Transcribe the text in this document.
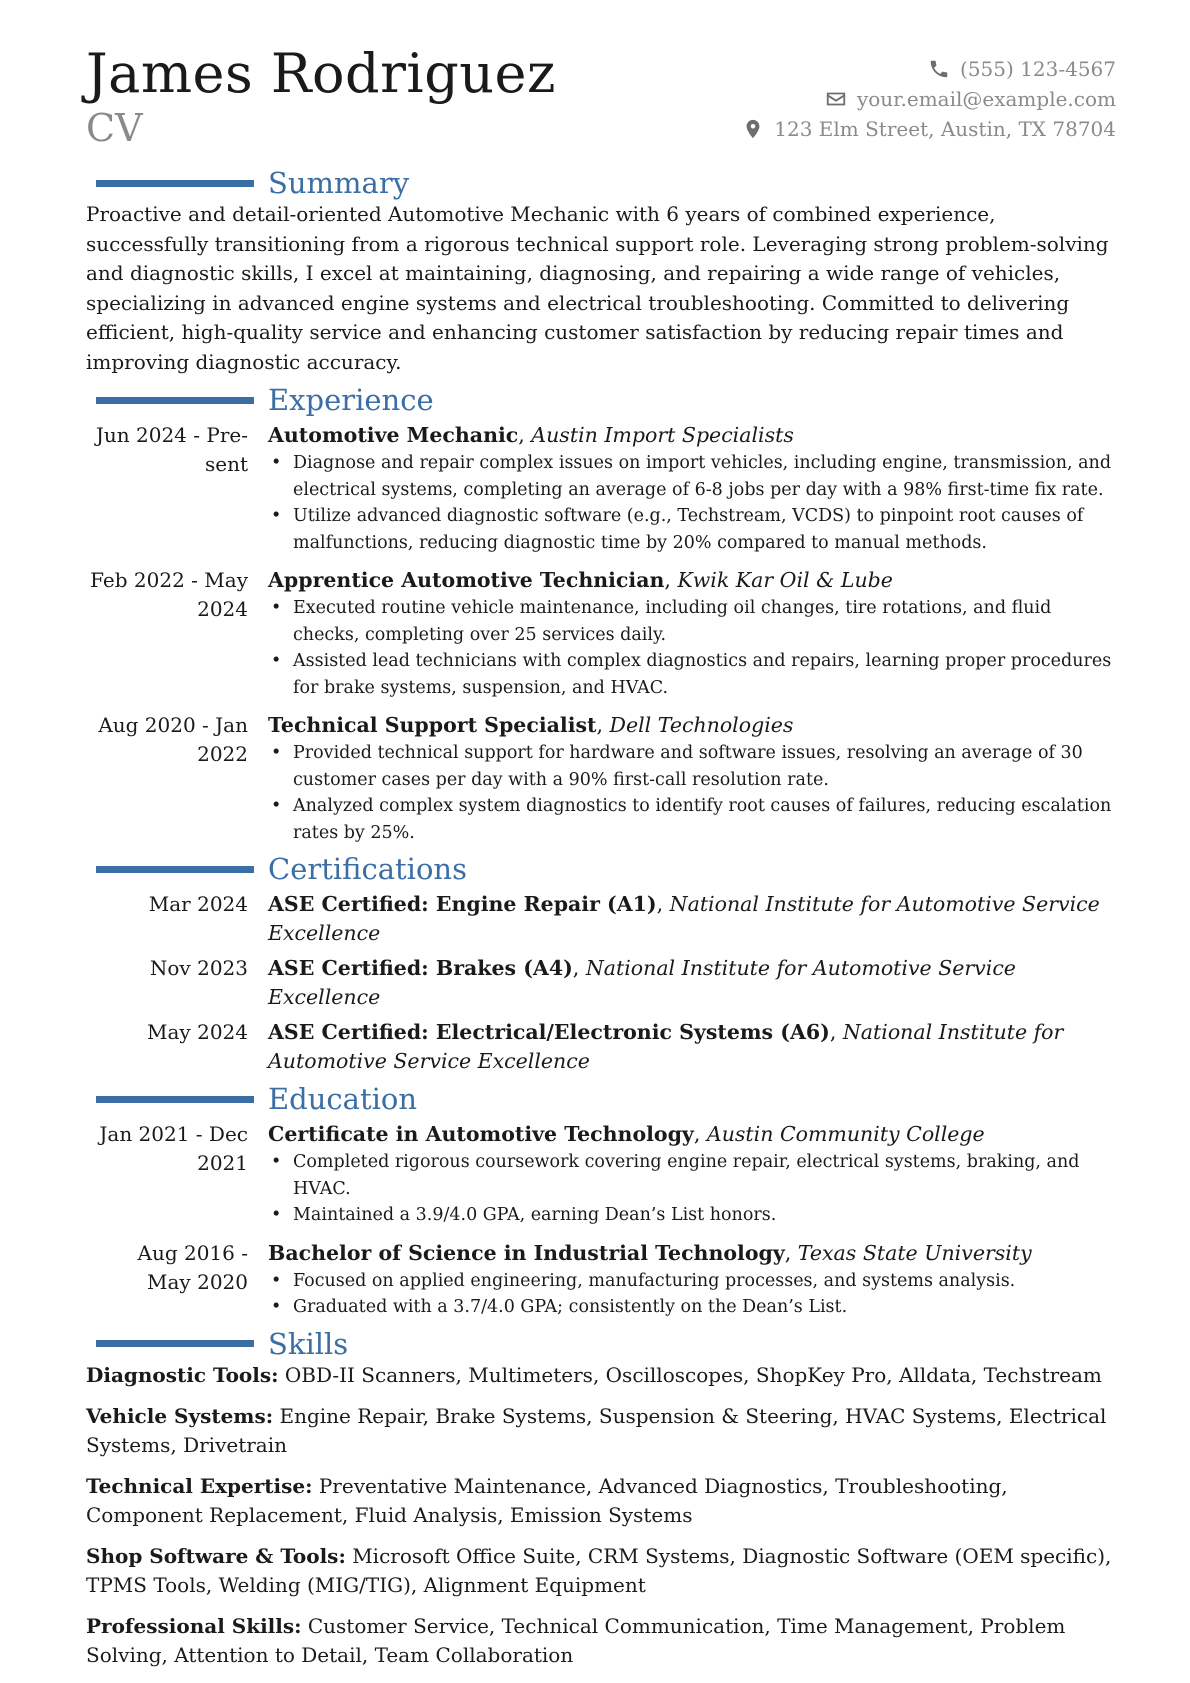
James Rodriguez

CV

(555) 123-4567
your.email@example.com
123 Elm Street, Austin, TX 78704
Summary

Proactive and detail-oriented Automotive Mechanic with 6 years of combined experience, successfully transitioning from a rigorous technical support role. Leveraging strong problem-solving and diagnostic skills, I excel at maintaining, diagnosing, and repairing a wide range of vehicles, specializing in advanced engine systems and electrical troubleshooting. Committed to delivering efficient, high-quality service and enhancing customer satisfaction by reducing repair times and improving diagnostic accuracy.

Experience
Jun 2024 - Pre-
sent
Automotive Mechanic, Austin Import Specialists
• Diagnose and repair complex issues on import vehicles, including engine, transmission, and electrical systems, completing an average of 6-8 jobs per day with a 98% first-time fix rate.
• Utilize advanced diagnostic software (e.g., Techstream, VCDS) to pinpoint root causes of malfunctions, reducing diagnostic time by 20% compared to manual methods.
Feb 2022 - May
2024
Apprentice Automotive Technician, Kwik Kar Oil & Lube
• Executed routine vehicle maintenance, including oil changes, tire rotations, and fluid checks, completing over 25 services daily.
• Assisted lead technicians with complex diagnostics and repairs, learning proper procedures for brake systems, suspension, and HVAC.
Aug 2020 - Jan
2022
Technical Support Specialist, Dell Technologies
• Provided technical support for hardware and software issues, resolving an average of 30 customer cases per day with a 90% first-call resolution rate.
• Analyzed complex system diagnostics to identify root causes of failures, reducing escalation rates by 25%.
Certifications
Mar 2024 ASE Certified: Engine Repair (A1), National Institute for Automotive Service Excellence
Nov 2023 ASE Certified: Brakes (A4), National Institute for Automotive Service Excellence
May 2024 ASE Certified: Electrical/Electronic Systems (A6), National Institute for Automotive Service Excellence
Education
Jan 2021 - Dec
2021
Certificate in Automotive Technology, Austin Community College
• Completed rigorous coursework covering engine repair, electrical systems, braking, and HVAC.
• Maintained a 3.9/4.0 GPA, earning Dean’s List honors.
Aug 2016 -
May 2020
Bachelor of Science in Industrial Technology, Texas State University
• Focused on applied engineering, manufacturing processes, and systems analysis.
• Graduated with a 3.7/4.0 GPA; consistently on the Dean’s List.
Skills

Diagnostic Tools: OBD-II Scanners, Multimeters, Oscilloscopes, ShopKey Pro, Alldata, Techstream

Vehicle Systems: Engine Repair, Brake Systems, Suspension & Steering, HVAC Systems, Electrical Systems, Drivetrain

Technical Expertise: Preventative Maintenance, Advanced Diagnostics, Troubleshooting, Component Replacement, Fluid Analysis, Emission Systems

Shop Software & Tools: Microsoft Office Suite, CRM Systems, Diagnostic Software (OEM specific), TPMS Tools, Welding (MIG/TIG), Alignment Equipment

Professional Skills: Customer Service, Technical Communication, Time Management, Problem Solving, Attention to Detail, Team Collaboration
